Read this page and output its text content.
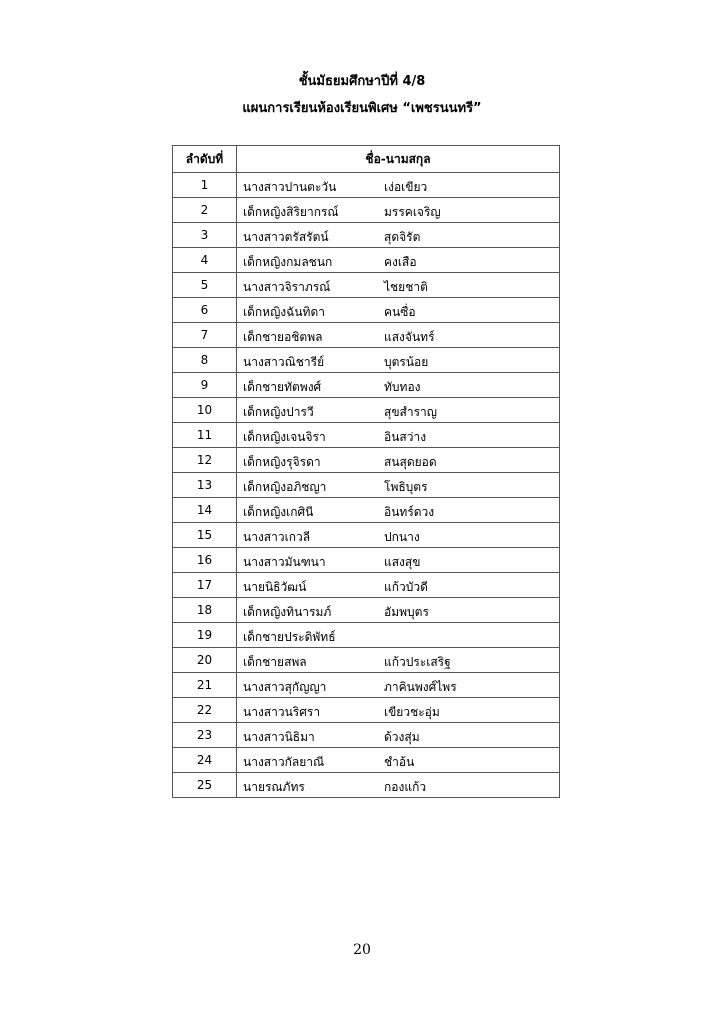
ชั้นมัธยมศึกษาปีที่ 4/8
แผนการเรียนห้องเรียนพิเศษ “เพชรนนทรี”
ลำดับที่	ชื่อ-นามสกุล
1	นางสาวปานตะวัน เง่อเขียว

2	เด็กหญิงสิริยากรณ์ มรรคเจริญ

3	นางสาวตรัสรัตน์ สุดจิรัต

4	เด็กหญิงกมลชนก คงเสือ

5	นางสาวจิราภรณ์ ไชยชาติ

6	เด็กหญิงฉันทิดา คนซื่อ

7	เด็กชายอชิตพล แสงจันทร์

8	นางสาวณิชารีย์ บุตรน้อย

9	เด็กชายทัตพงศ์ ทับทอง

10	เด็กหญิงปารวี สุขสำราญ

11	เด็กหญิงเจนจิรา อินสว่าง

12	เด็กหญิงรุจิรดา สนสุดยอด

13	เด็กหญิงอภิชญา โพธิบุตร

14	เด็กหญิงเกศินี อินทร์ดวง

15	นางสาวเกวลี ปกนาง

16	นางสาวมันฑนา แสงสุข

17	นายนิธิวัฒน์ แก้วบัวดี

18	เด็กหญิงทินารมภ์ อัมพบุตร

19	เด็กชายประดิพัทธ์

20	เด็กชายสพล แก้วประเสริฐ

21	นางสาวสุกัญญา ภาคินพงศ์ไพร

22	นางสาวนริศรา เขียวชะอุ่ม

23	นางสาวนิธิมา ด้วงสุ่ม

24	นางสาวกัลยาณี ชำอ้น

25	นายรณภัทร กองแก้ว
20
